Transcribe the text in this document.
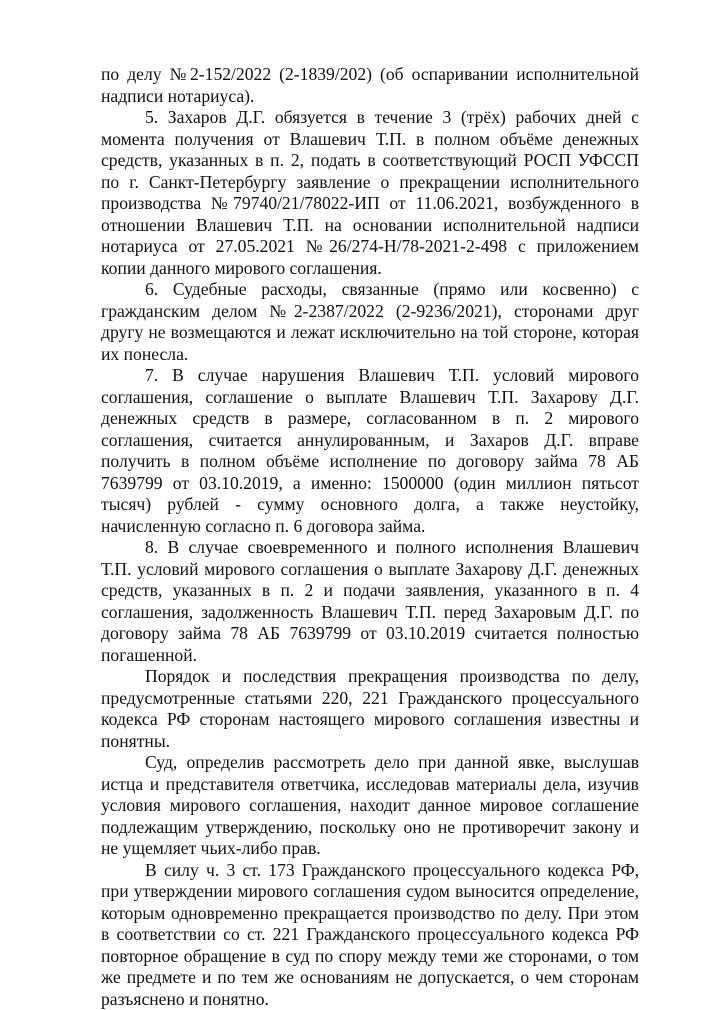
по делу №2-152/2022 (2-1839/202) (об оспаривании исполнительной надписи нотариуса).

5. Захаров Д.Г. обязуется в течение 3 (трёх) рабочих дней с момента получения от Влашевич Т.П. в полном объёме денежных средств, указанных в п. 2, подать в соответствующий РОСП УФССП по г. Санкт-Петербургу заявление о прекращении исполнительного производства №79740/21/78022-ИП от 11.06.2021, возбужденного в отношении Влашевич Т.П. на основании исполнительной надписи нотариуса от 27.05.2021 №26/274-Н/78-2021-2-498 с приложением копии данного мирового соглашения.

6. Судебные расходы, связанные (прямо или косвенно) с гражданским делом №2-2387/2022 (2-9236/2021), сторонами друг другу не возмещаются и лежат исключительно на той стороне, которая их понесла.

7. В случае нарушения Влашевич Т.П. условий мирового соглашения, соглашение о выплате Влашевич Т.П. Захарову Д.Г. денежных средств в размере, согласованном в п. 2 мирового соглашения, считается аннулированным, и Захаров Д.Г. вправе получить в полном объёме исполнение по договору займа 78 АБ 7639799 от 03.10.2019, а именно: 1500000 (один миллион пятьсот тысяч) рублей - сумму основного долга, а также неустойку, начисленную согласно п. 6 договора займа.

8. В случае своевременного и полного исполнения Влашевич Т.П. условий мирового соглашения о выплате Захарову Д.Г. денежных средств, указанных в п. 2 и подачи заявления, указанного в п. 4 соглашения, задолженность Влашевич Т.П. перед Захаровым Д.Г. по договору займа 78 АБ 7639799 от 03.10.2019 считается полностью погашенной.

Порядок и последствия прекращения производства по делу, предусмотренные статьями 220, 221 Гражданского процессуального кодекса РФ сторонам настоящего мирового соглашения известны и понятны.

Суд, определив рассмотреть дело при данной явке, выслушав истца и представителя ответчика, исследовав материалы дела, изучив условия мирового соглашения, находит данное мировое соглашение подлежащим утверждению, поскольку оно не противоречит закону и не ущемляет чьих-либо прав.

В силу ч. 3 ст. 173 Гражданского процессуального кодекса РФ, при утверждении мирового соглашения судом выносится определение, которым одновременно прекращается производство по делу. При этом в соответствии со ст. 221 Гражданского процессуального кодекса РФ повторное обращение в суд по спору между теми же сторонами, о том же предмете и по тем же основаниям не допускается, о чем сторонам разъяснено и понятно.
